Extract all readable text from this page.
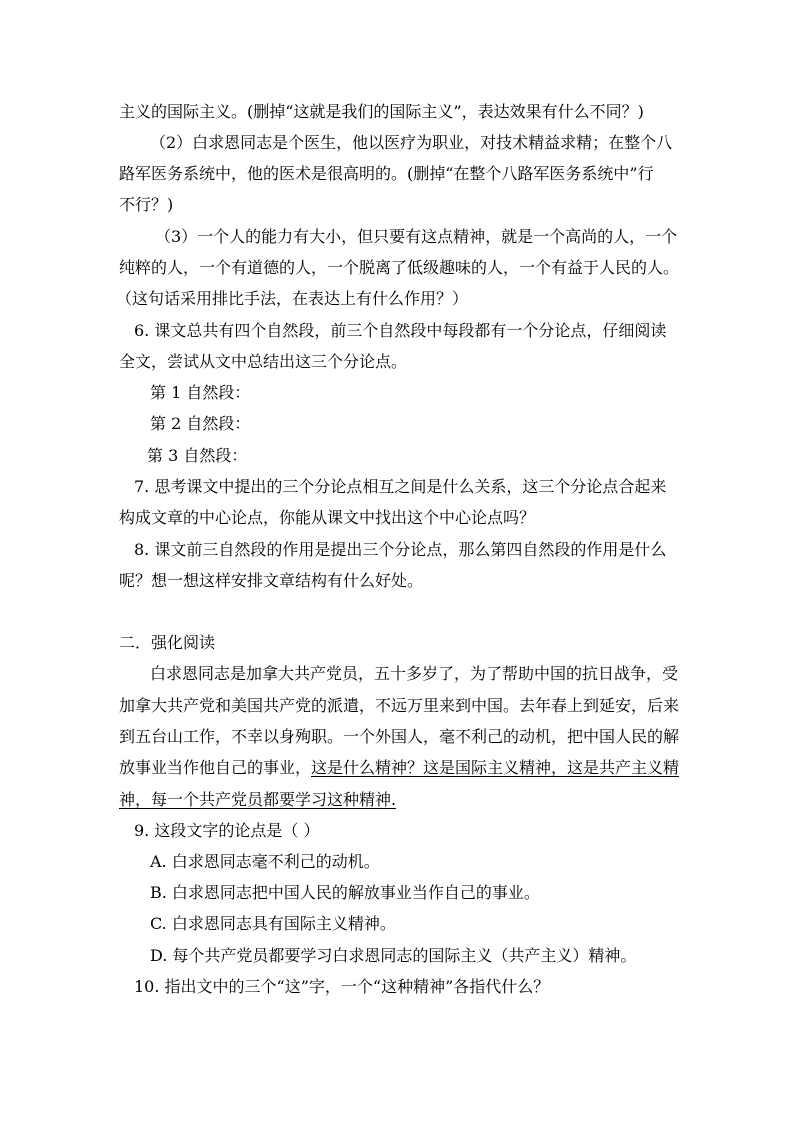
主义的国际主义。(删掉“这就是我们的国际主义”，表达效果有什么不同？)
（2）白求恩同志是个医生，他以医疗为职业，对技术精益求精；在整个八
路军医务系统中，他的医术是很高明的。(删掉“在整个八路军医务系统中”行
不行？)
（3）一个人的能力有大小，但只要有这点精神，就是一个高尚的人，一个
纯粹的人，一个有道德的人，一个脱离了低级趣味的人，一个有益于人民的人。
（这句话采用排比手法，在表达上有什么作用？）
6. 课文总共有四个自然段，前三个自然段中每段都有一个分论点，仔细阅读
全文，尝试从文中总结出这三个分论点。
第 1 自然段：
第 2 自然段：
第 3 自然段：
7. 思考课文中提出的三个分论点相互之间是什么关系，这三个分论点合起来
构成文章的中心论点，你能从课文中找出这个中心论点吗？
8. 课文前三自然段的作用是提出三个分论点，那么第四自然段的作用是什么
呢？想一想这样安排文章结构有什么好处。
二．强化阅读
白求恩同志是加拿大共产党员，五十多岁了，为了帮助中国的抗日战争，受
加拿大共产党和美国共产党的派遣，不远万里来到中国。去年春上到延安，后来
到五台山工作，不幸以身殉职。一个外国人，毫不利己的动机，把中国人民的解
放事业当作他自己的事业，这是什么精神？这是国际主义精神，这是共产主义精
神，每一个共产党员都要学习这种精神.
9. 这段文字的论点是（ ）
A. 白求恩同志毫不利己的动机。
B. 白求恩同志把中国人民的解放事业当作自己的事业。
C. 白求恩同志具有国际主义精神。
D. 每个共产党员都要学习白求恩同志的国际主义（共产主义）精神。
10. 指出文中的三个“这”字，一个“这种精神”各指代什么？
